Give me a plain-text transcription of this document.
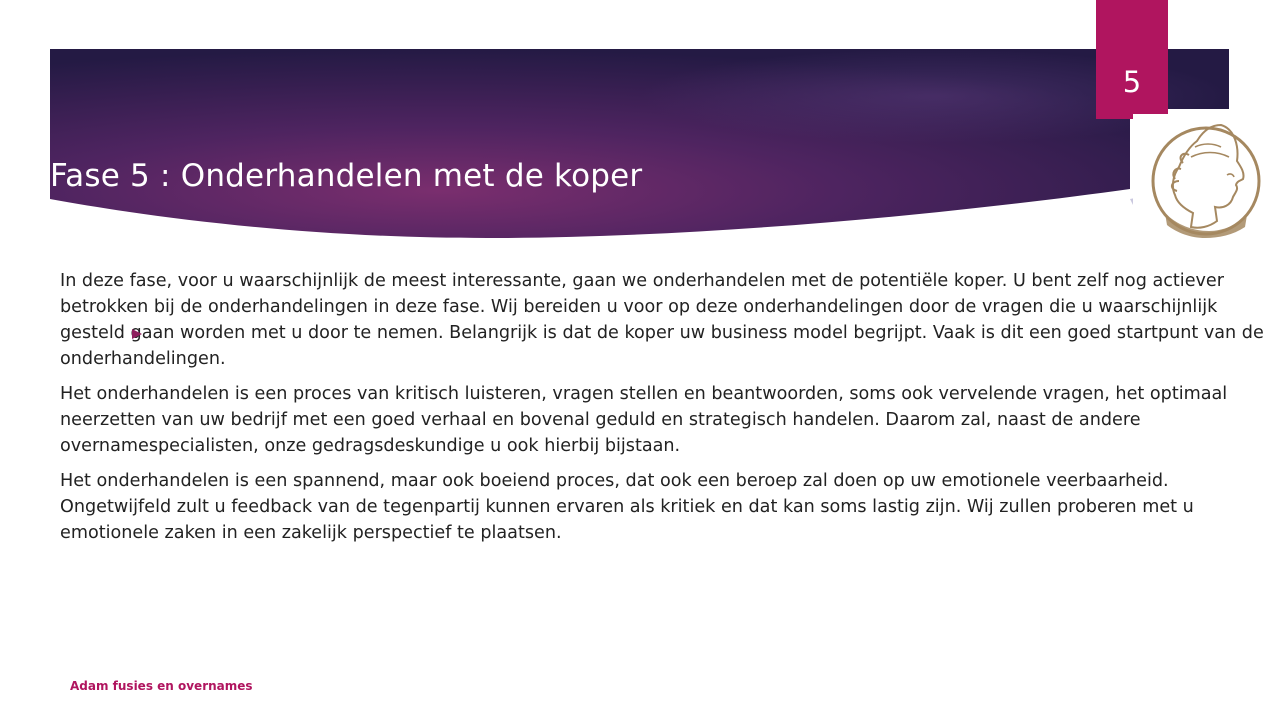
Fase 5 : Onderhandelen met de koper
5

In deze fase, voor u waarschijnlijk de meest interessante, gaan we onderhandelen met de potentiële koper. U bent zelf nog actiever betrokken bij de onderhandelingen in deze fase. Wij bereiden u voor op deze onderhandelingen door de vragen die u waarschijnlijk gesteld gaan worden met u door te nemen. Belangrijk is dat de koper uw business model begrijpt. Vaak is dit een goed startpunt van de onderhandelingen.

Het onderhandelen is een proces van kritisch luisteren, vragen stellen en beantwoorden, soms ook vervelende vragen, het optimaal neerzetten van uw bedrijf met een goed verhaal en bovenal geduld en strategisch handelen. Daarom zal, naast de andere overnamespecialisten, onze gedragsdeskundige u ook hierbij bijstaan.

Het onderhandelen is een spannend, maar ook boeiend proces, dat ook een beroep zal doen op uw emotionele veerbaarheid. Ongetwijfeld zult u feedback van de tegenpartij kunnen ervaren als kritiek en dat kan soms lastig zijn. Wij zullen proberen met u emotionele zaken in een zakelijk perspectief te plaatsen.

Adam fusies en overnames
